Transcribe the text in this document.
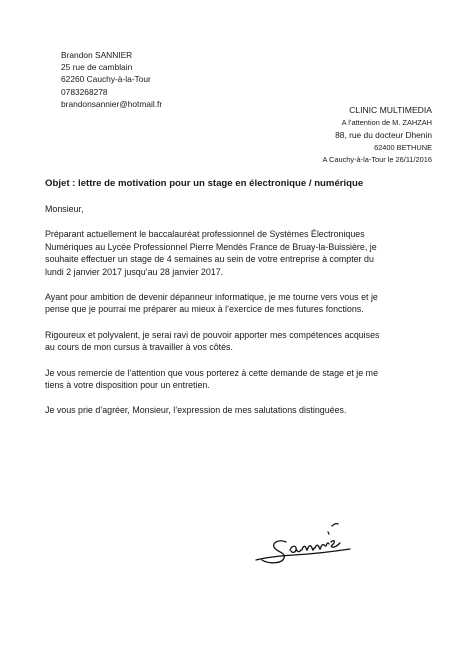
Brandon SANNIER
25 rue de camblain
62260 Cauchy-à-la-Tour
0783268278
brandonsannier@hotmail.fr
CLINIC MULTIMEDIA
A l’attention de M. ZAHZAH
88, rue du docteur Dhenin
62400 BETHUNE
A Cauchy-à-la-Tour le 26/11/2016
Objet : lettre de motivation pour un stage en électronique / numérique

Monsieur,

Préparant actuellement le baccalauréat professionnel de Systèmes Électroniques
Numériques au Lycée Professionnel Pierre Mendès France de Bruay-la-Buissière, je
souhaite effectuer un stage de 4 semaines au sein de votre entreprise à compter du
lundi 2 janvier 2017 jusqu’au 28 janvier 2017.

Ayant pour ambition de devenir dépanneur informatique, je me tourne vers vous et je
pense que je pourrai me préparer au mieux à l’exercice de mes futures fonctions.

Rigoureux et polyvalent, je serai ravi de pouvoir apporter mes compétences acquises
au cours de mon cursus à travailler à vos côtés.

Je vous remercie de l’attention que vous porterez à cette demande de stage et je me
tiens à votre disposition pour un entretien.

Je vous prie d’agréer, Monsieur, l’expression de mes salutations distinguées.
